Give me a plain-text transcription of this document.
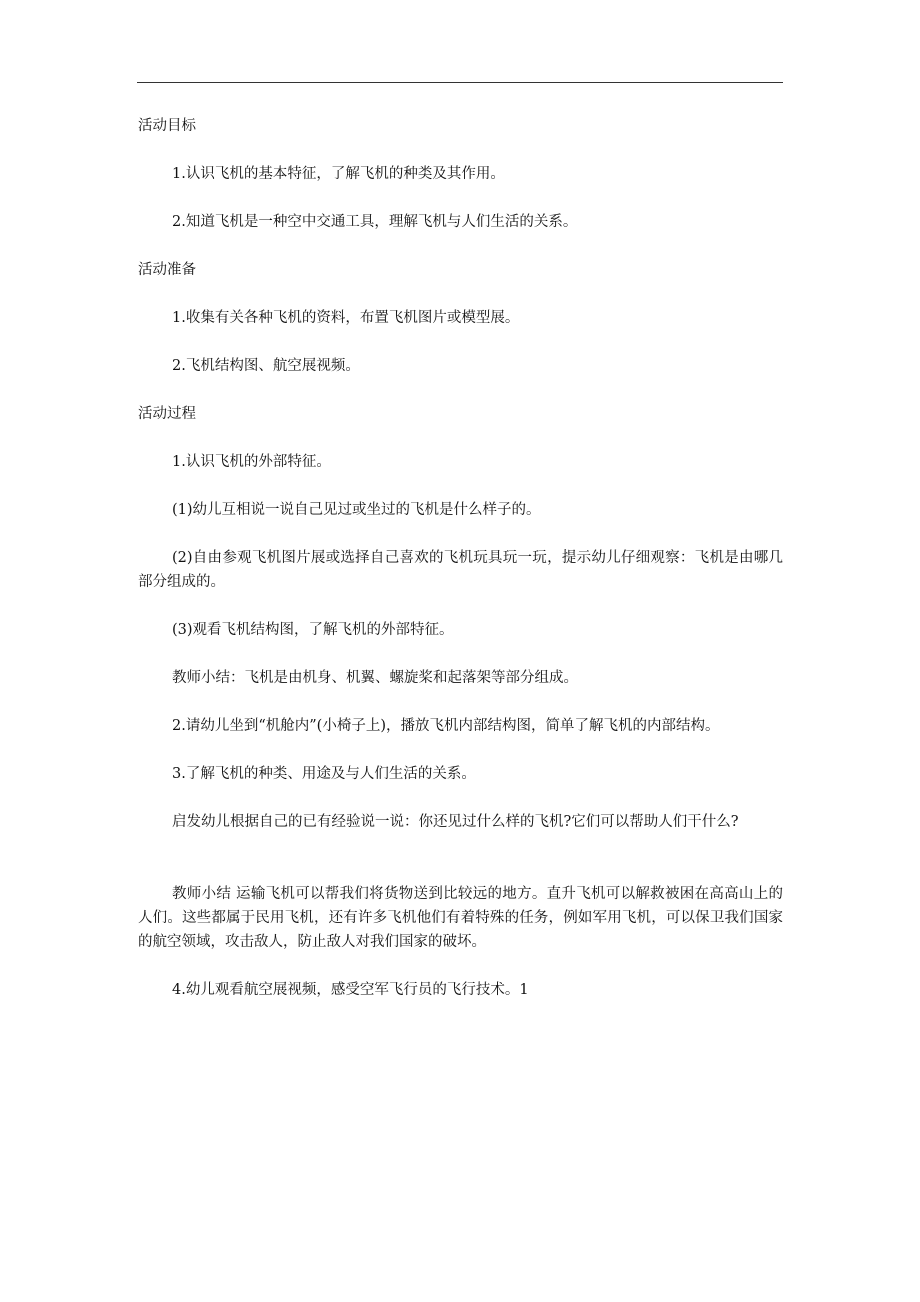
活动目标
1.认识飞机的基本特征，了解飞机的种类及其作用。
2.知道飞机是一种空中交通工具，理解飞机与人们生活的关系。
活动准备
1.收集有关各种飞机的资料，布置飞机图片或模型展。
2.飞机结构图、航空展视频。
活动过程
1.认识飞机的外部特征。
(1)幼儿互相说一说自己见过或坐过的飞机是什么样子的。
(2)自由参观飞机图片展或选择自己喜欢的飞机玩具玩一玩，提示幼儿仔细观察：飞机是由哪几部分组成的。
(3)观看飞机结构图，了解飞机的外部特征。
教师小结：飞机是由机身、机翼、螺旋桨和起落架等部分组成。
2.请幼儿坐到“机舱内”(小椅子上)，播放飞机内部结构图，简单了解飞机的内部结构。
3.了解飞机的种类、用途及与人们生活的关系。
启发幼儿根据自己的已有经验说一说：你还见过什么样的飞机?它们可以帮助人们干什么?
教师小结 运输飞机可以帮我们将货物送到比较远的地方。直升飞机可以解救被困在高高山上的人们。这些都属于民用飞机，还有许多飞机他们有着特殊的任务，例如军用飞机，可以保卫我们国家的航空领域，攻击敌人，防止敌人对我们国家的破坏。
4.幼儿观看航空展视频，感受空军飞行员的飞行技术。1
